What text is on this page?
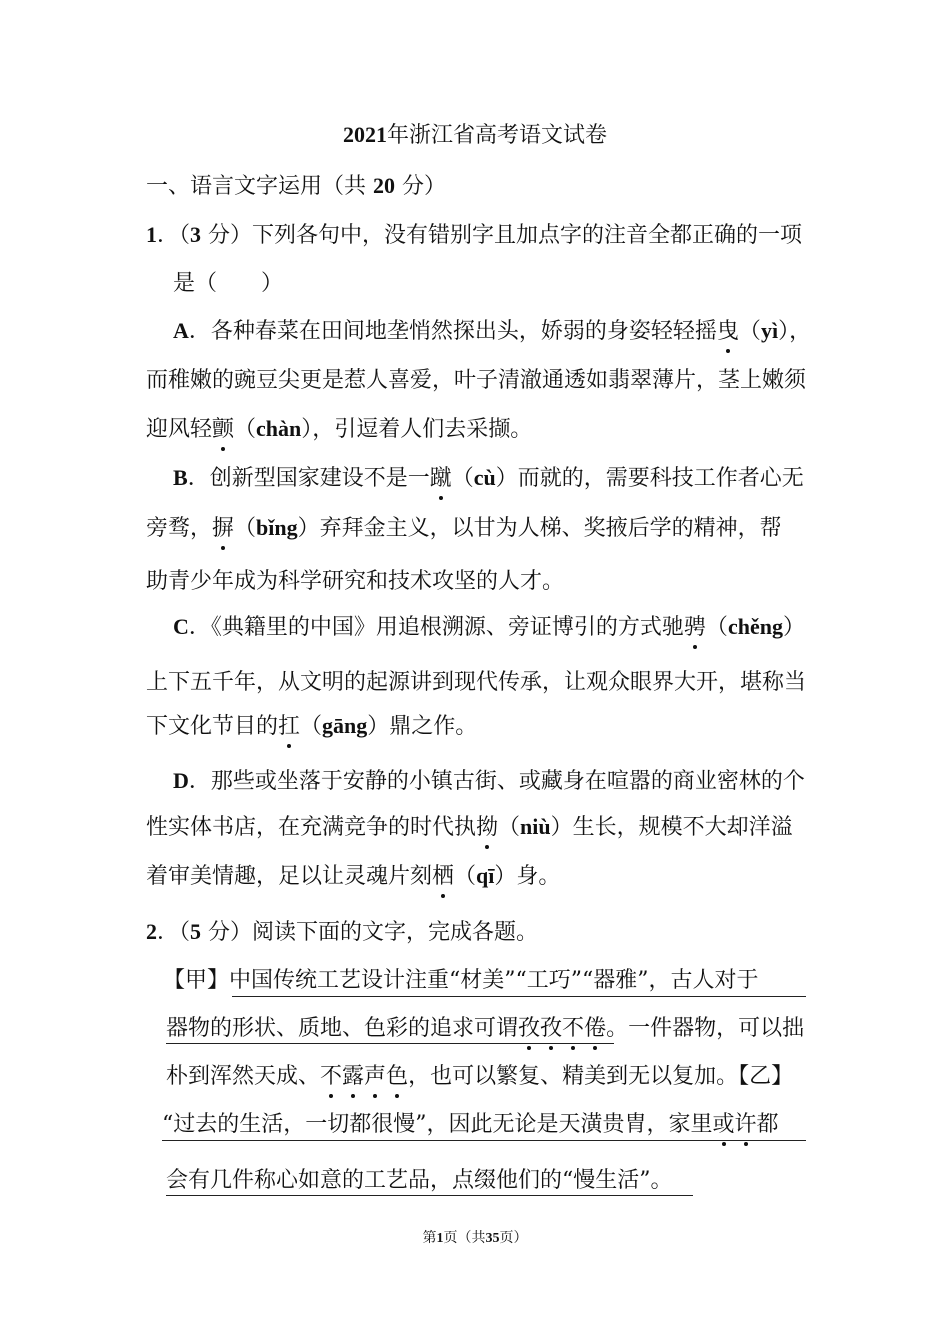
2021年浙江省高考语文试卷
一、语言文字运用（共 20 分）
1．（3 分）下列各句中，没有错别字且加点字的注音全都正确的一项
是（　　）
A．各种春菜在田间地垄悄然探出头，娇弱的身姿轻轻摇曳（yì），
而稚嫩的豌豆尖更是惹人喜爱，叶子清澈通透如翡翠薄片，茎上嫩须
迎风轻颤（chàn），引逗着人们去采撷。
B．创新型国家建设不是一蹴（cù）而就的，需要科技工作者心无
旁骛，摒（bǐng）弃拜金主义，以甘为人梯、奖掖后学的精神，帮
助青少年成为科学研究和技术攻坚的人才。
C．《典籍里的中国》用追根溯源、旁证博引的方式驰骋（chěng）
上下五千年，从文明的起源讲到现代传承，让观众眼界大开，堪称当
下文化节目的扛（gāng）鼎之作。
D．那些或坐落于安静的小镇古街、或藏身在喧嚣的商业密林的个
性实体书店，在充满竞争的时代执拗（niù）生长，规模不大却洋溢
着审美情趣，足以让灵魂片刻栖（qī）身。
2．（5 分）阅读下面的文字，完成各题。
【甲】中国传统工艺设计注重“材美”“工巧”“器雅”，古人对于
器物的形状、质地、色彩的追求可谓孜孜不倦。一件器物，可以拙
朴到浑然天成、不露声色，也可以繁复、精美到无以复加。【乙】
“过去的生活，一切都很慢”，因此无论是天潢贵胄，家里或许都
会有几件称心如意的工艺品，点缀他们的“慢生活”。
第1页（共35页）
